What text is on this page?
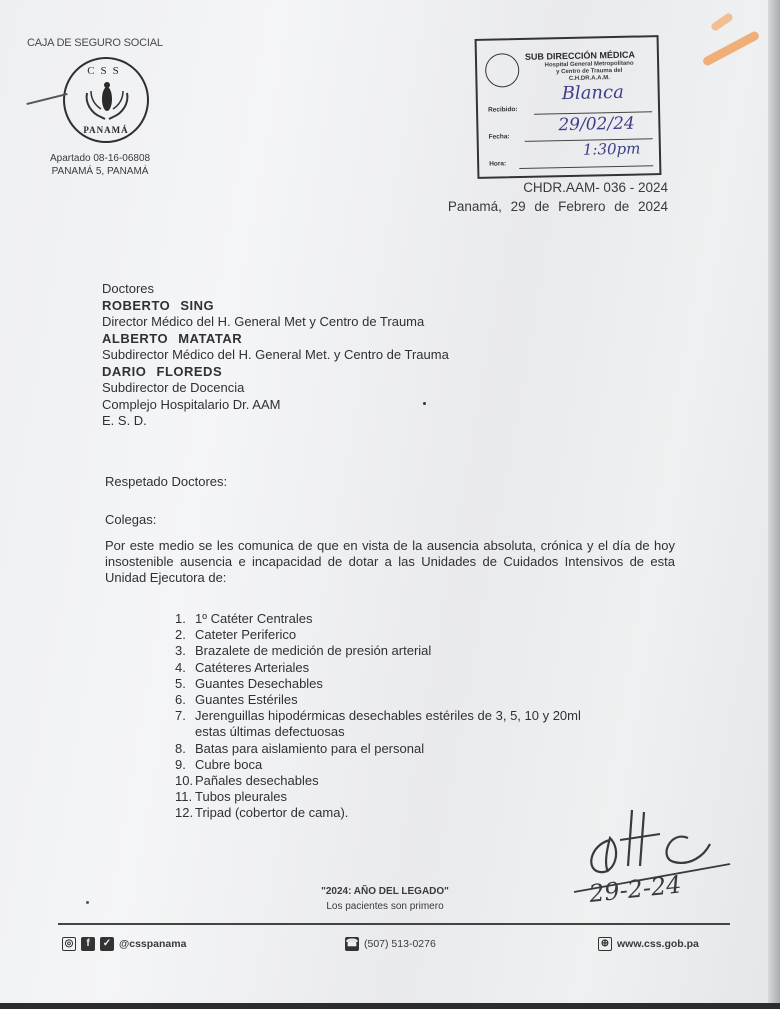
CAJA DE SEGURO SOCIAL
CSS
PANAMÁ
Apartado 08-16-06808
PANAMÁ 5, PANAMÁ
SUB DIRECCIÓN MÉDICA
Hospital General Metropolitano
y Centro de Trauma del
C.H.DR.A.A.M.
Recibido:
Blanca
Fecha:
29/02/24
Hora:
1:30pm
CHDR.AAM- 036 - 2024
Panamá, 29 de Febrero de 2024
Doctores
ROBERTO SING
Director Médico del H. General Met y Centro de Trauma
ALBERTO MATATAR
Subdirector Médico del H. General Met. y Centro de Trauma
DARIO FLOREDS
Subdirector de Docencia
Complejo Hospitalario Dr. AAM
E. S. D.
Respetado Doctores:
Colegas:
Por este medio se les comunica de que en vista de la ausencia absoluta, crónica y el día de hoy insostenible ausencia e incapacidad de dotar a las Unidades de Cuidados Intensivos de esta Unidad Ejecutora de:
1. 1º Catéter Centrales
2. Cateter Periferico
3. Brazalete de medición de presión arterial
4. Catéteres Arteriales
5. Guantes Desechables
6. Guantes Estériles
7. Jerenguillas hipodérmicas desechables estériles de 3, 5, 10 y 20ml
estas últimas defectuosas
8. Batas para aislamiento para el personal
9. Cubre boca
10. Pañales desechables
11. Tubos pleurales
12. Tripad (cobertor de cama).
29-2-24
"2024: AÑO DEL LEGADO"
Los pacientes son primero
◎	f	✓ @csspanama	☎ (507) 513-0276	⊕ www.css.gob.pa
